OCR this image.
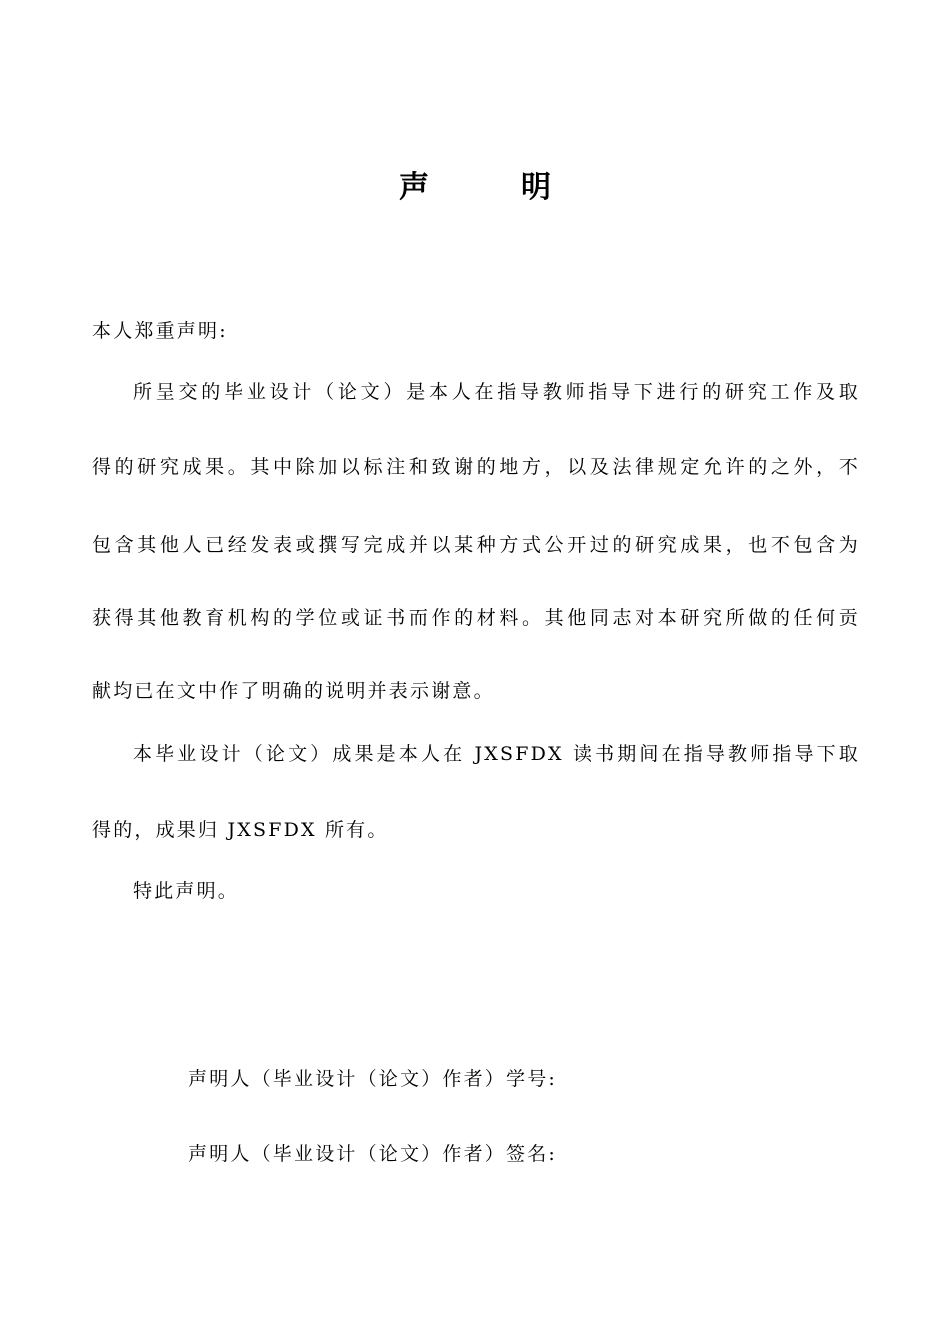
声	明
本人郑重声明:
所呈交的毕业设计（论文）是本人在指导教师指导下进行的研究工作及取
得的研究成果。其中除加以标注和致谢的地方，以及法律规定允许的之外，不
包含其他人已经发表或撰写完成并以某种方式公开过的研究成果，也不包含为
获得其他教育机构的学位或证书而作的材料。其他同志对本研究所做的任何贡
献均已在文中作了明确的说明并表示谢意。
本毕业设计（论文）成果是本人在 JXSFDX 读书期间在指导教师指导下取
得的，成果归 JXSFDX 所有。
特此声明。
声明人（毕业设计（论文）作者）学号:
声明人（毕业设计（论文）作者）签名:
